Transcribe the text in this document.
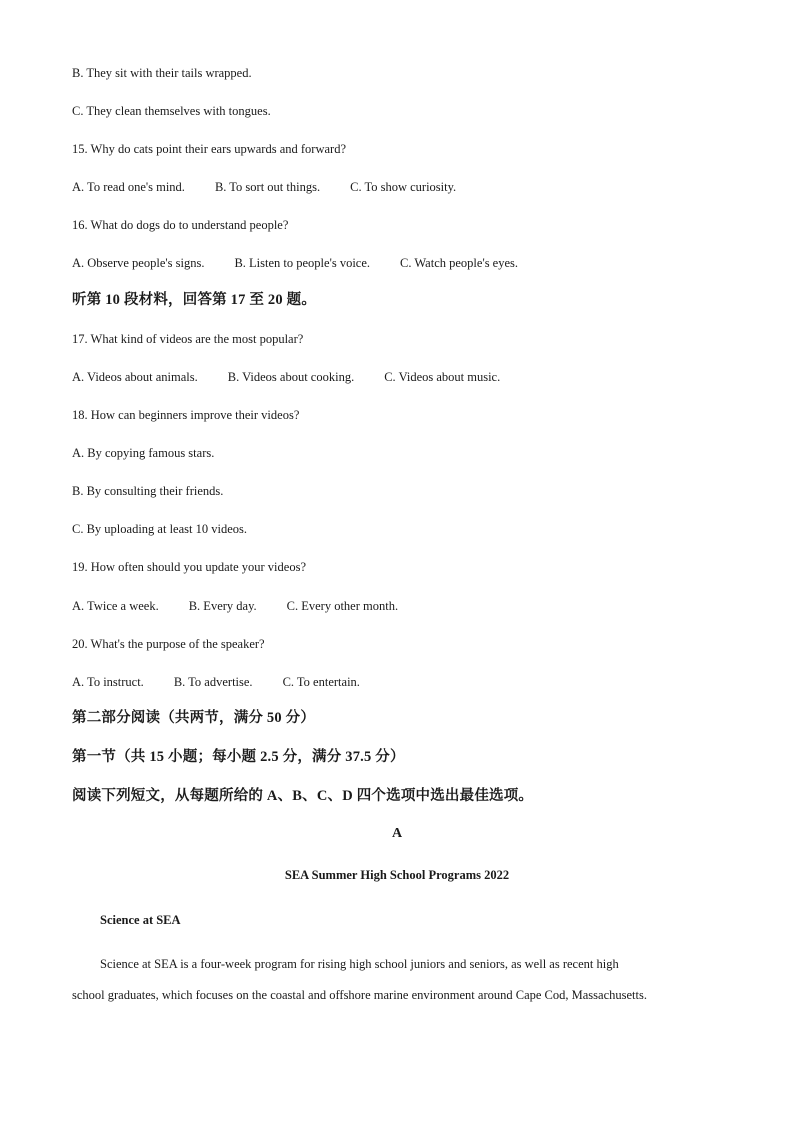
B. They sit with their tails wrapped.
C. They clean themselves with tongues.
15. Why do cats point their ears upwards and forward?
A. To read one's mind. B. To sort out things. C. To show curiosity.
16. What do dogs do to understand people?
A. Observe people's signs. B. Listen to people's voice. C. Watch people's eyes.
听第 10 段材料，回答第 17 至 20 题。
17. What kind of videos are the most popular?
A. Videos about animals. B. Videos about cooking. C. Videos about music.
18. How can beginners improve their videos?
A. By copying famous stars.
B. By consulting their friends.
C. By uploading at least 10 videos.
19. How often should you update your videos?
A. Twice a week. B. Every day. C. Every other month.
20. What's the purpose of the speaker?
A. To instruct. B. To advertise. C. To entertain.
第二部分阅读（共两节，满分 50 分）
第一节（共 15 小题；每小题 2.5 分，满分 37.5 分）
阅读下列短文，从每题所给的 A、B、C、D 四个选项中选出最佳选项。
A
SEA Summer High School Programs 2022
Science at SEA
Science at SEA is a four-week program for rising high school juniors and seniors, as well as recent high
school graduates, which focuses on the coastal and offshore marine environment around Cape Cod, Massachusetts.
